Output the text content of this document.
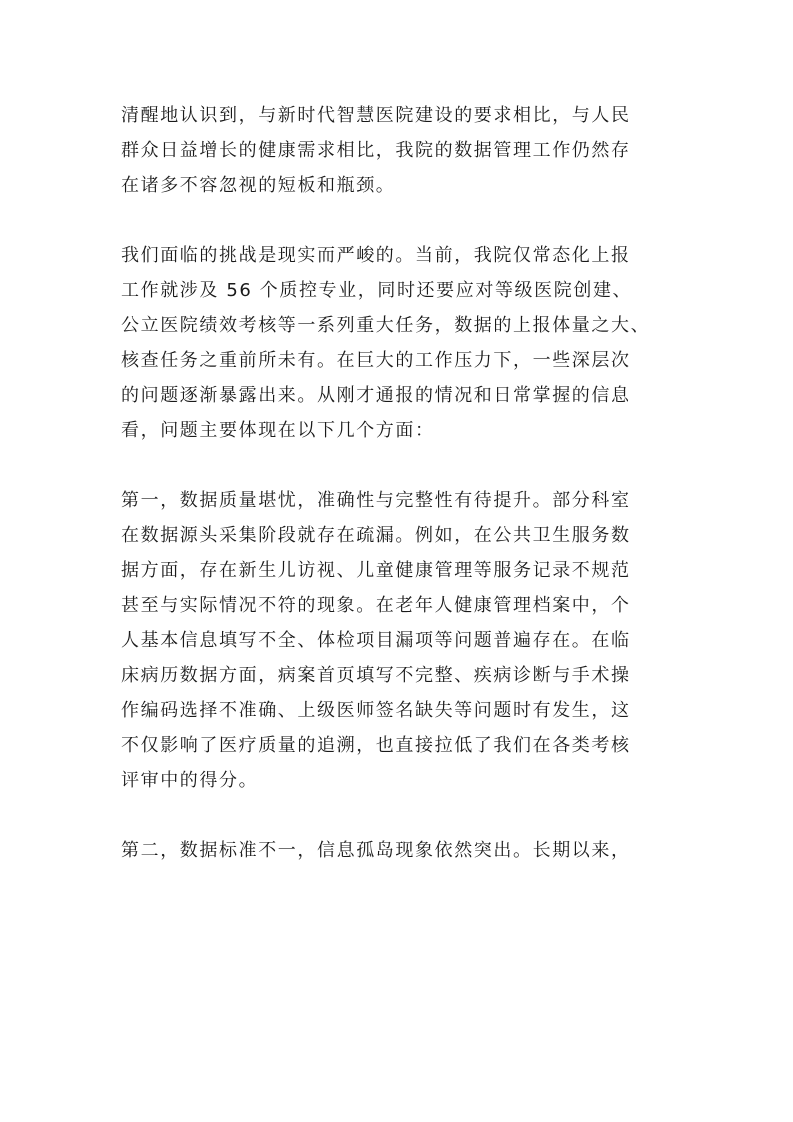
清醒地认识到，与新时代智慧医院建设的要求相比，与人民
群众日益增长的健康需求相比，我院的数据管理工作仍然存
在诸多不容忽视的短板和瓶颈。
我们面临的挑战是现实而严峻的。当前，我院仅常态化上报
工作就涉及 56 个质控专业，同时还要应对等级医院创建、
公立医院绩效考核等一系列重大任务，数据的上报体量之大、
核查任务之重前所未有。在巨大的工作压力下，一些深层次
的问题逐渐暴露出来。从刚才通报的情况和日常掌握的信息
看，问题主要体现在以下几个方面：
第一，数据质量堪忧，准确性与完整性有待提升。部分科室
在数据源头采集阶段就存在疏漏。例如，在公共卫生服务数
据方面，存在新生儿访视、儿童健康管理等服务记录不规范
甚至与实际情况不符的现象。在老年人健康管理档案中，个
人基本信息填写不全、体检项目漏项等问题普遍存在。在临
床病历数据方面，病案首页填写不完整、疾病诊断与手术操
作编码选择不准确、上级医师签名缺失等问题时有发生，这
不仅影响了医疗质量的追溯，也直接拉低了我们在各类考核
评审中的得分。
第二，数据标准不一，信息孤岛现象依然突出。长期以来，
